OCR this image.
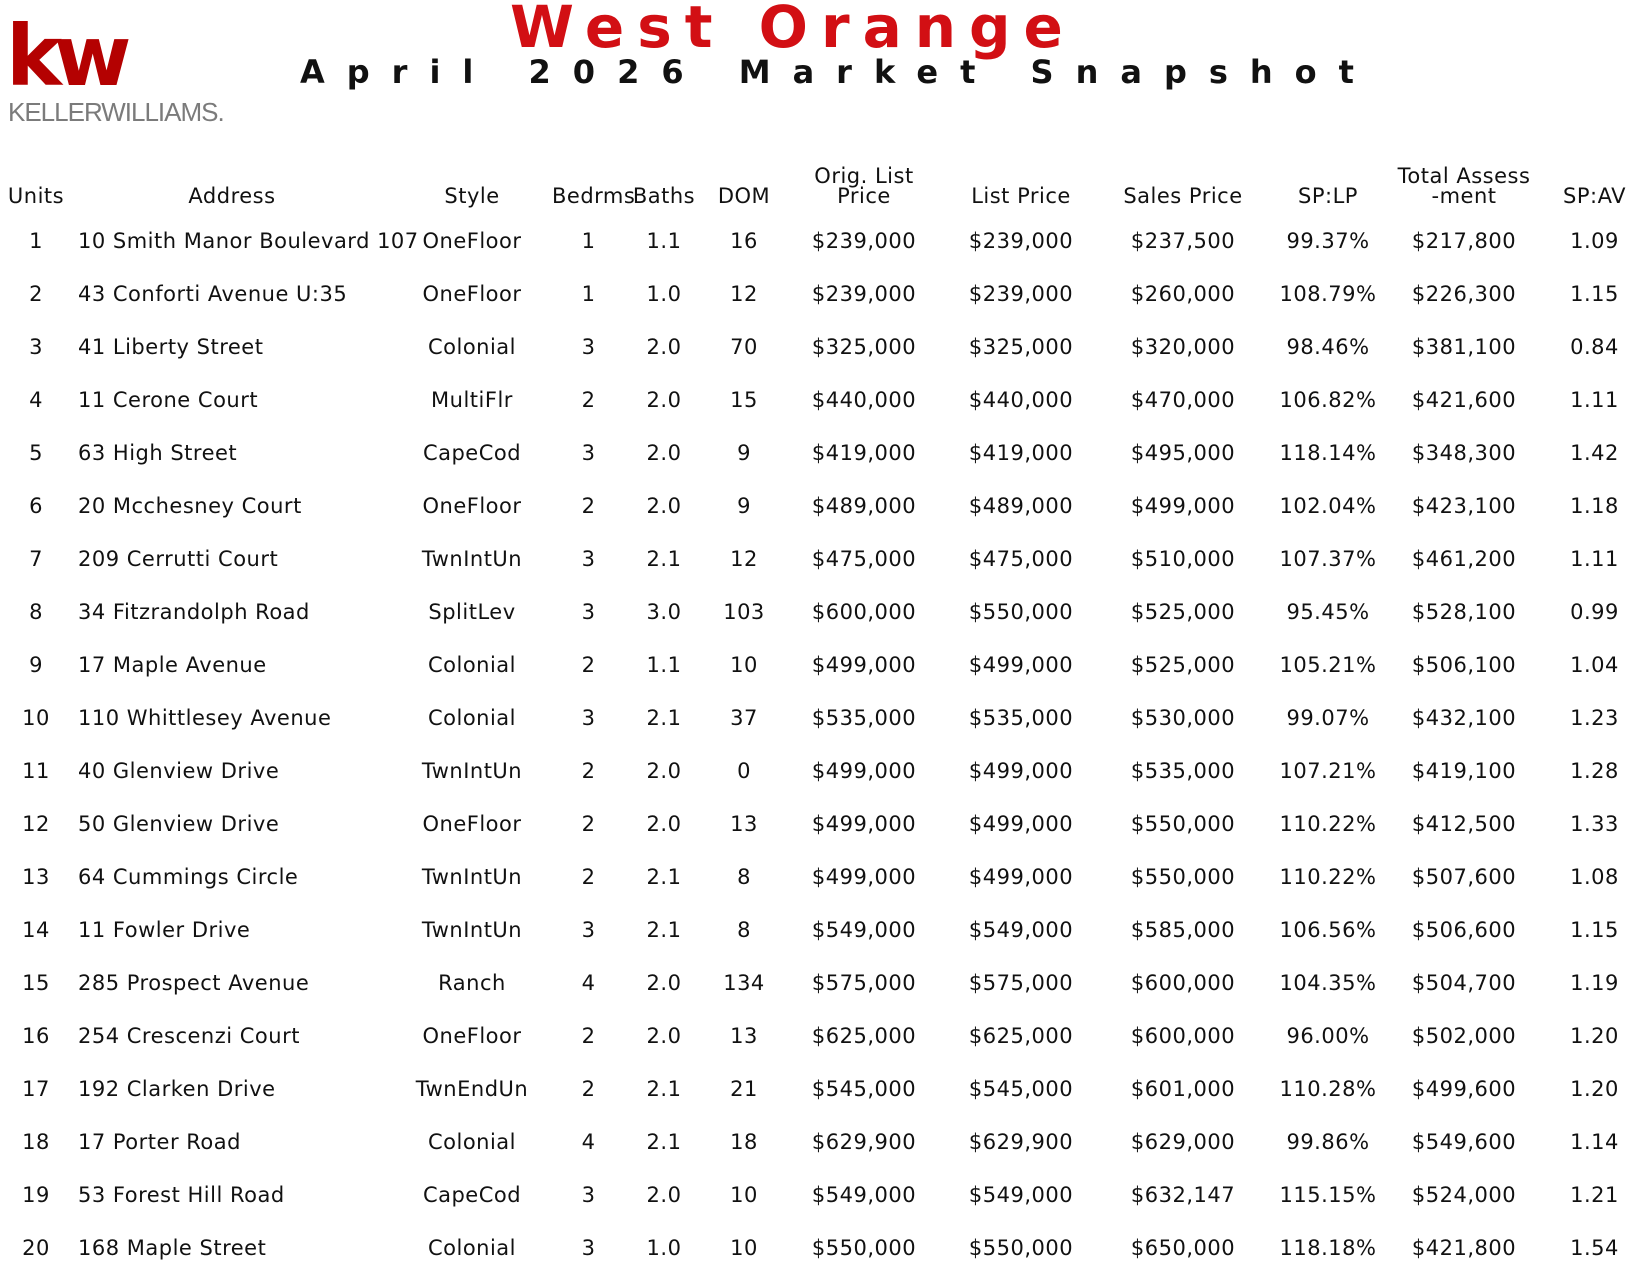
kw
KELLERWILLIAMS.
West Orange
April 2026 Market Snapshot
Units	Address	Style	Bedrms	Baths	DOM	Orig. List Price	List Price	Sales Price	SP:LP	Total Assess-ment	SP:AV
1	10 Smith Manor Boulevard 107	OneFloor	1	1.1	16	$239,000	$239,000	$237,500	99.37%	$217,800	1.09
2	43 Conforti Avenue U:35	OneFloor	1	1.0	12	$239,000	$239,000	$260,000	108.79%	$226,300	1.15
3	41 Liberty Street	Colonial	3	2.0	70	$325,000	$325,000	$320,000	98.46%	$381,100	0.84
4	11 Cerone Court	MultiFlr	2	2.0	15	$440,000	$440,000	$470,000	106.82%	$421,600	1.11
5	63 High Street	CapeCod	3	2.0	9	$419,000	$419,000	$495,000	118.14%	$348,300	1.42
6	20 Mcchesney Court	OneFloor	2	2.0	9	$489,000	$489,000	$499,000	102.04%	$423,100	1.18
7	209 Cerrutti Court	TwnIntUn	3	2.1	12	$475,000	$475,000	$510,000	107.37%	$461,200	1.11
8	34 Fitzrandolph Road	SplitLev	3	3.0	103	$600,000	$550,000	$525,000	95.45%	$528,100	0.99
9	17 Maple Avenue	Colonial	2	1.1	10	$499,000	$499,000	$525,000	105.21%	$506,100	1.04
10	110 Whittlesey Avenue	Colonial	3	2.1	37	$535,000	$535,000	$530,000	99.07%	$432,100	1.23
11	40 Glenview Drive	TwnIntUn	2	2.0	0	$499,000	$499,000	$535,000	107.21%	$419,100	1.28
12	50 Glenview Drive	OneFloor	2	2.0	13	$499,000	$499,000	$550,000	110.22%	$412,500	1.33
13	64 Cummings Circle	TwnIntUn	2	2.1	8	$499,000	$499,000	$550,000	110.22%	$507,600	1.08
14	11 Fowler Drive	TwnIntUn	3	2.1	8	$549,000	$549,000	$585,000	106.56%	$506,600	1.15
15	285 Prospect Avenue	Ranch	4	2.0	134	$575,000	$575,000	$600,000	104.35%	$504,700	1.19
16	254 Crescenzi Court	OneFloor	2	2.0	13	$625,000	$625,000	$600,000	96.00%	$502,000	1.20
17	192 Clarken Drive	TwnEndUn	2	2.1	21	$545,000	$545,000	$601,000	110.28%	$499,600	1.20
18	17 Porter Road	Colonial	4	2.1	18	$629,900	$629,900	$629,000	99.86%	$549,600	1.14
19	53 Forest Hill Road	CapeCod	3	2.0	10	$549,000	$549,000	$632,147	115.15%	$524,000	1.21
20	168 Maple Street	Colonial	3	1.0	10	$550,000	$550,000	$650,000	118.18%	$421,800	1.54
